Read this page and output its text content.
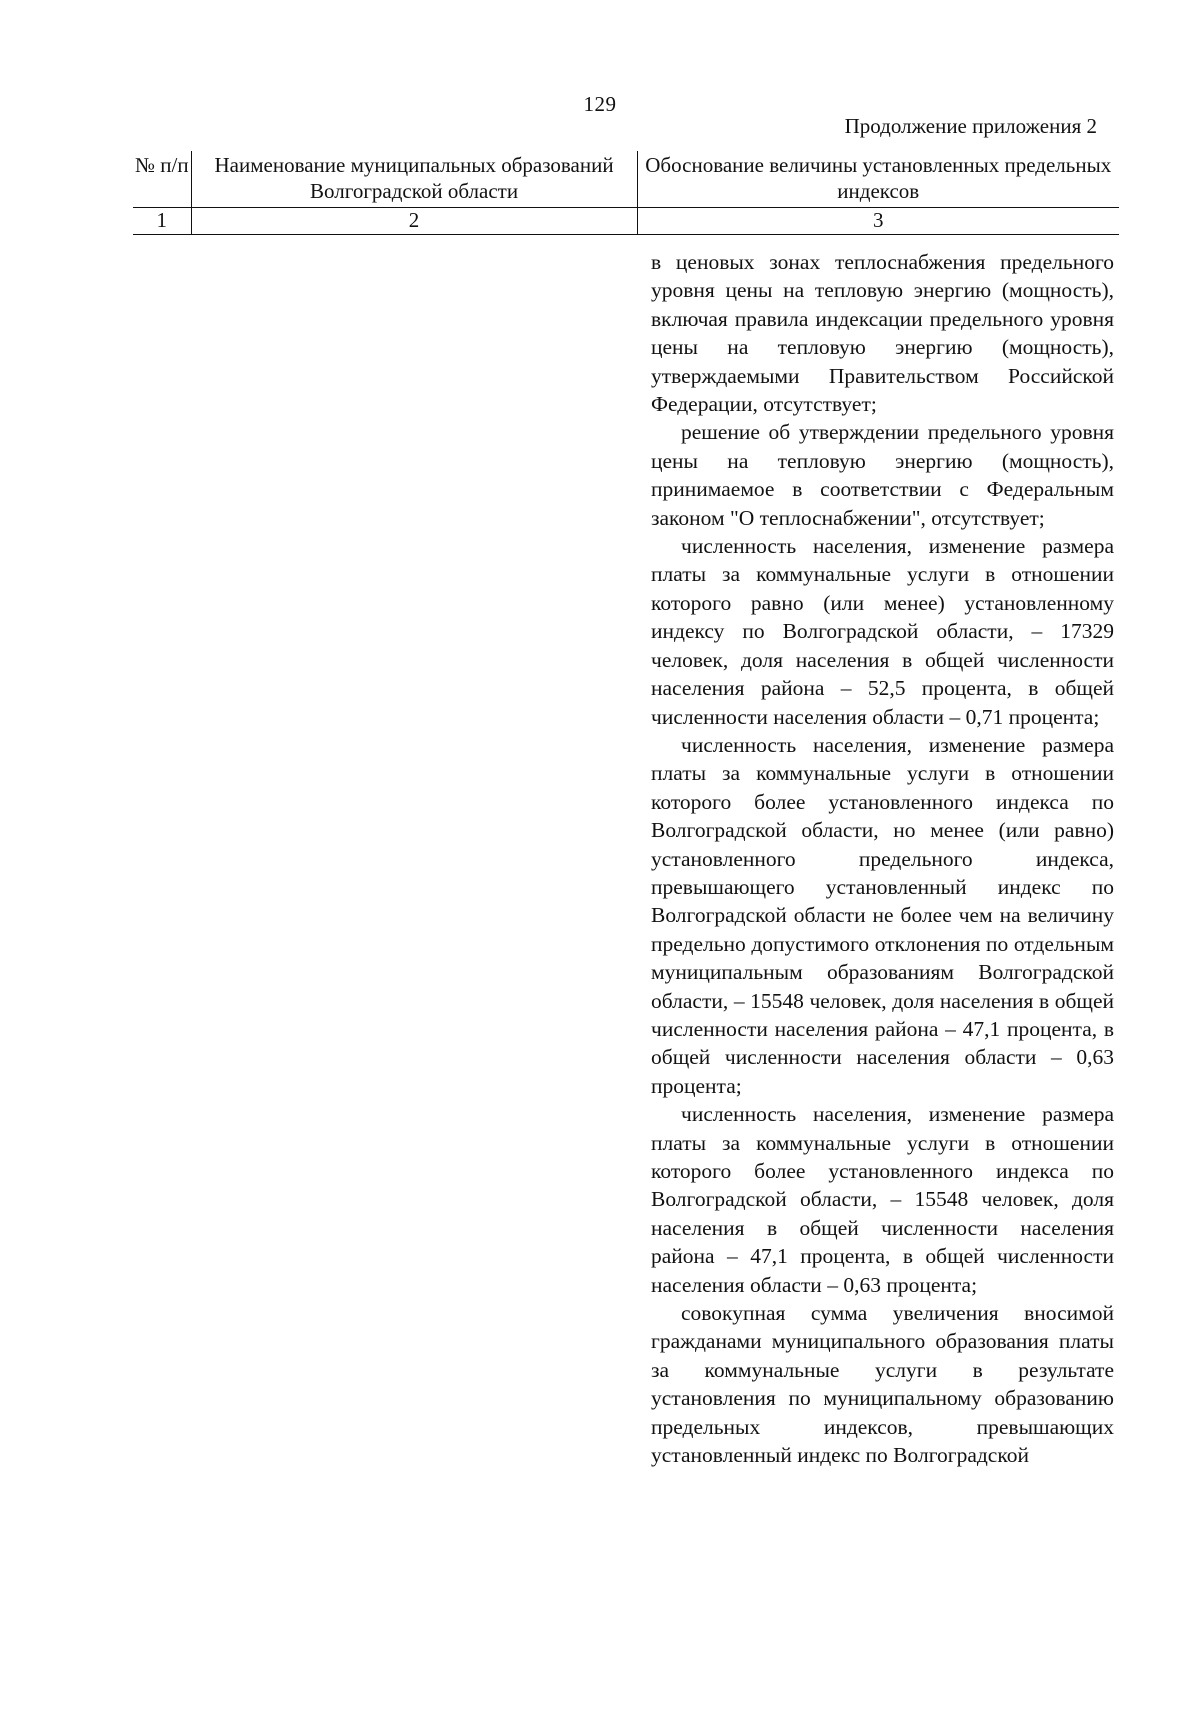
129
Продолжение приложения 2
№ п/п	Наименование муниципальных образований Волгоградской области	Обоснование величины установленных предельных индексов
1	2	3

в ценовых зонах теплоснабжения предельного уровня цены на тепловую энергию (мощность), включая правила индексации предельного уровня цены на тепловую энергию (мощность), утверждаемыми Правительством Российской Федерации, отсутствует;

решение об утверждении предельного уровня цены на тепловую энергию (мощность), принимаемое в соответствии с Федеральным законом "О теплоснабжении", отсутствует;

численность населения, изменение размера платы за коммунальные услуги в отношении которого равно (или менее) установленному индексу по Волгоградской области, – 17329 человек, доля населения в общей численности населения района – 52,5 процента, в общей численности населения области – 0,71 процента;

численность населения, изменение размера платы за коммунальные услуги в отношении которого более установленного индекса по Волгоградской области, но менее (или равно) установленного предельного индекса, превышающего установленный индекс по Волгоградской области не более чем на величину предельно допустимого отклонения по отдельным муниципальным образованиям Волгоградской области, – 15548 человек, доля населения в общей численности населения района – 47,1 процента, в общей численности населения области – 0,63 процента;

численность населения, изменение размера платы за коммунальные услуги в отношении которого более установленного индекса по Волгоградской области, – 15548 человек, доля населения в общей численности населения района – 47,1 процента, в общей численности населения области – 0,63 процента;

совокупная сумма увеличения вносимой гражданами муниципального образования платы за коммунальные услуги в результате установления по муниципальному образованию предельных индексов, превышающих установленный индекс по Волгоградской
